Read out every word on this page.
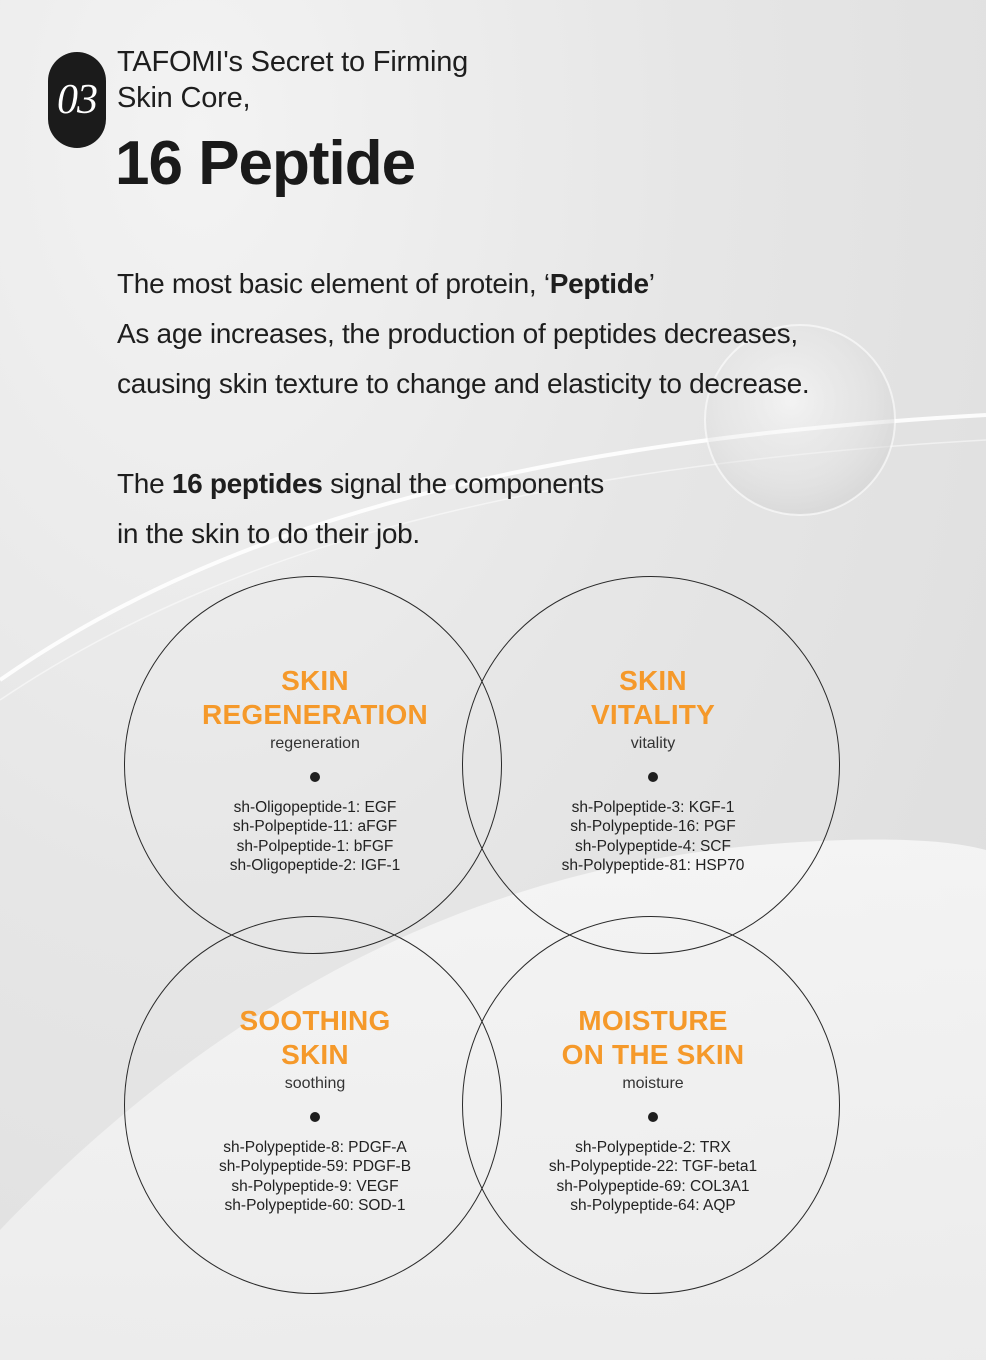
03
TAFOMI's Secret to Firming
Skin Core,
16 Peptide
The most basic element of protein, ‘Peptide’
As age increases, the production of peptides decreases,
causing skin texture to change and elasticity to decrease.
The 16 peptides signal the components
in the skin to do their job.
SKIN
REGENERATION
regeneration
sh-Oligopeptide-1: EGF
sh-Polpeptide-11: aFGF
sh-Polpeptide-1: bFGF
sh-Oligopeptide-2: IGF-1
SKIN
VITALITY
vitality
sh-Polpeptide-3: KGF-1
sh-Polypeptide-16: PGF
sh-Polypeptide-4: SCF
sh-Polypeptide-81: HSP70
SOOTHING
SKIN
soothing
sh-Polypeptide-8: PDGF-A
sh-Polypeptide-59: PDGF-B
sh-Polypeptide-9: VEGF
sh-Polypeptide-60: SOD-1
MOISTURE
ON THE SKIN
moisture
sh-Polypeptide-2: TRX
sh-Polypeptide-22: TGF-beta1
sh-Polypeptide-69: COL3A1
sh-Polypeptide-64: AQP
